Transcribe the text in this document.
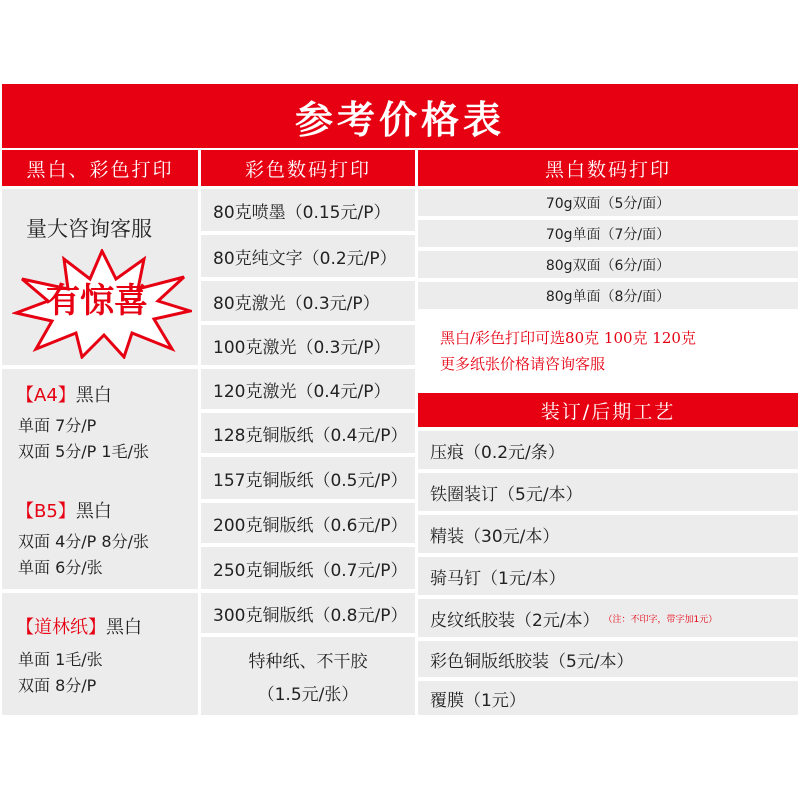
参考价格表
黑白、彩色打印	彩色数码打印	黑白数码打印
量大咨询客服
有惊喜
【A4】黑白
单面 7分/P
双面 5分/P 1毛/张
【B5】黑白
双面 4分/P 8分/张
单面 6分/张
【道林纸】黑白
单面 1毛/张
双面 8分/P
80克喷墨（0.15元/P）
80克纯文字（0.2元/P）
80克激光（0.3元/P）
100克激光（0.3元/P）
120克激光（0.4元/P）
128克铜版纸（0.4元/P）
157克铜版纸（0.5元/P）
200克铜版纸（0.6元/P）
250克铜版纸（0.7元/P）
300克铜版纸（0.8元/P）
特种纸、不干胶
（1.5元/张）
70g双面（5分/面）
70g单面（7分/面）
80g双面（6分/面）
80g单面（8分/面）
黑白/彩色打印可选80克 100克 120克
更多纸张价格请咨询客服
装订/后期工艺
压痕（0.2元/条）
铁圈装订（5元/本）
精装（30元/本）
骑马钉（1元/本）
皮纹纸胶装（2元/本） （注：不印字，带字加1元）
彩色铜版纸胶装（5元/本）
覆膜（1元）
